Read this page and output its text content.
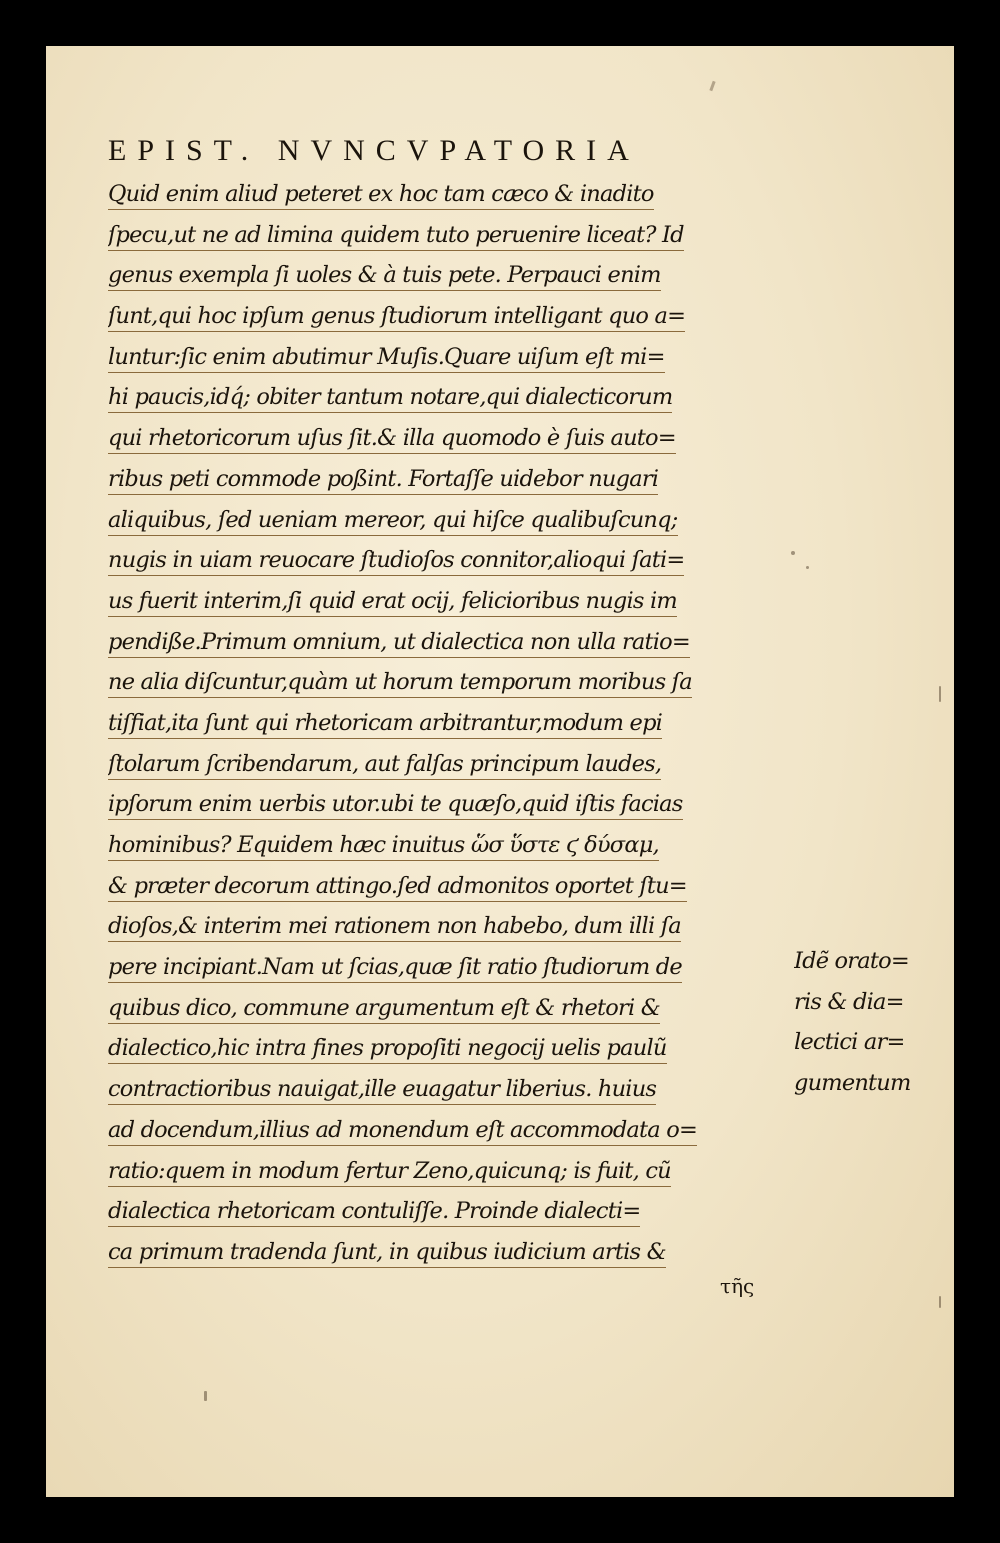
EPIST. NVNCVPATORIA
Quid enim aliud peteret ex hoc tam cæco & inadito
ſpecu,ut ne ad limina quidem tuto peruenire liceat? Id
genus exempla ſi uoles & à tuis pete. Perpauci enim
ſunt,qui hoc ipſum genus ſtudiorum intelligant quo a=
luntur:ſic enim abutimur Muſis.Quare uiſum eſt mi=
hi paucis,idq́; obiter tantum notare,qui dialecticorum
qui rhetoricorum uſus ſit.& illa quomodo è ſuis auto=
ribus peti commode poßint. Fortaſſe uidebor nugari
aliquibus, ſed ueniam mereor, qui hiſce qualibuſcunq;
nugis in uiam reuocare ſtudioſos connitor,alioqui ſati=
us fuerit interim,ſi quid erat ocij, felicioribus nugis im
pendiße.Primum omnium, ut dialectica non ulla ratio=
ne alia diſcuntur,quàm ut horum temporum moribus ſa
tiſfiat,ita ſunt qui rhetoricam arbitrantur,modum epi
ſtolarum ſcribendarum, aut falſas principum laudes,
ipſorum enim uerbis utor.ubi te quæſo,quid iſtis facias
hominibus? Equidem hæc inuitus ὥσ ὕστε ϛ δύσαμ,
& præter decorum attingo.ſed admonitos oportet ſtu=
dioſos,& interim mei rationem non habebo, dum illi ſa
pere incipiant.Nam ut ſcias,quæ ſit ratio ſtudiorum de
quibus dico, commune argumentum eſt & rhetori &
dialectico,hic intra fines propoſiti negocij uelis paulũ
contractioribus nauigat,ille euagatur liberius. huius
ad docendum,illius ad monendum eſt accommodata o=
ratio:quem in modum fertur Zeno,quicunq; is fuit, cũ
dialectica rhetoricam contuliſſe. Proinde dialecti=
ca primum tradenda ſunt, in quibus iudicium artis &
Idẽ orato=
ris & dia=
lectici ar=
gumentum
τῆς
